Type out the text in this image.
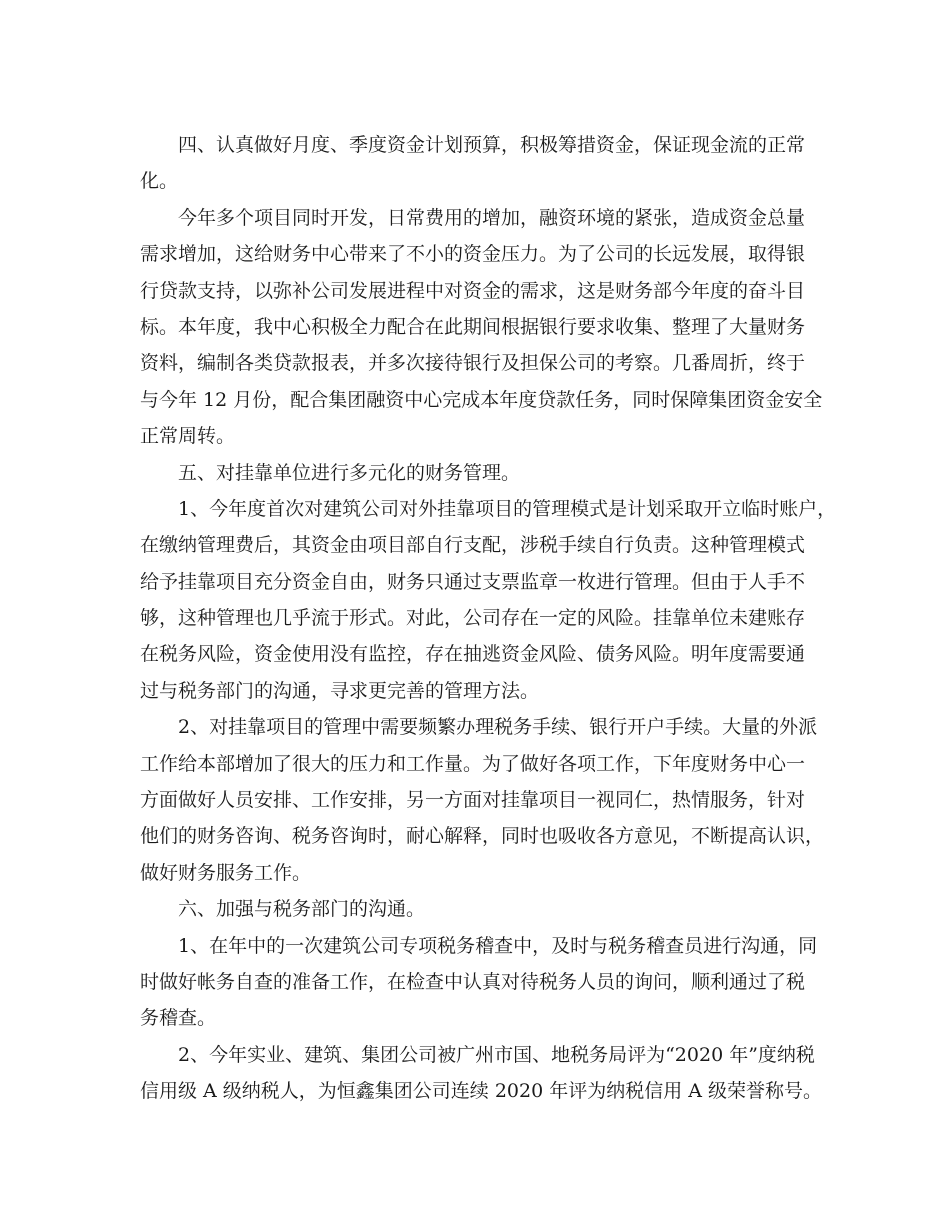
四、认真做好月度、季度资金计划预算，积极筹措资金，保证现金流的正常
化。
今年多个项目同时开发，日常费用的增加，融资环境的紧张，造成资金总量
需求增加，这给财务中心带来了不小的资金压力。为了公司的长远发展，取得银
行贷款支持，以弥补公司发展进程中对资金的需求，这是财务部今年度的奋斗目
标。本年度，我中心积极全力配合在此期间根据银行要求收集、整理了大量财务
资料，编制各类贷款报表，并多次接待银行及担保公司的考察。几番周折，终于
与今年 12 月份，配合集团融资中心完成本年度贷款任务，同时保障集团资金安全
正常周转。
五、对挂靠单位进行多元化的财务管理。
1、今年度首次对建筑公司对外挂靠项目的管理模式是计划采取开立临时账户，
在缴纳管理费后，其资金由项目部自行支配，涉税手续自行负责。这种管理模式
给予挂靠项目充分资金自由，财务只通过支票监章一枚进行管理。但由于人手不
够，这种管理也几乎流于形式。对此，公司存在一定的风险。挂靠单位未建账存
在税务风险，资金使用没有监控，存在抽逃资金风险、债务风险。明年度需要通
过与税务部门的沟通，寻求更完善的管理方法。
2、对挂靠项目的管理中需要频繁办理税务手续、银行开户手续。大量的外派
工作给本部增加了很大的压力和工作量。为了做好各项工作，下年度财务中心一
方面做好人员安排、工作安排，另一方面对挂靠项目一视同仁，热情服务，针对
他们的财务咨询、税务咨询时，耐心解释，同时也吸收各方意见，不断提高认识，
做好财务服务工作。
六、加强与税务部门的沟通。
1、在年中的一次建筑公司专项税务稽查中，及时与税务稽查员进行沟通，同
时做好帐务自查的准备工作，在检查中认真对待税务人员的询问，顺利通过了税
务稽查。
2、今年实业、建筑、集团公司被广州市国、地税务局评为“2020 年”度纳税
信用级 A 级纳税人，为恒鑫集团公司连续 2020 年评为纳税信用 A 级荣誉称号。
